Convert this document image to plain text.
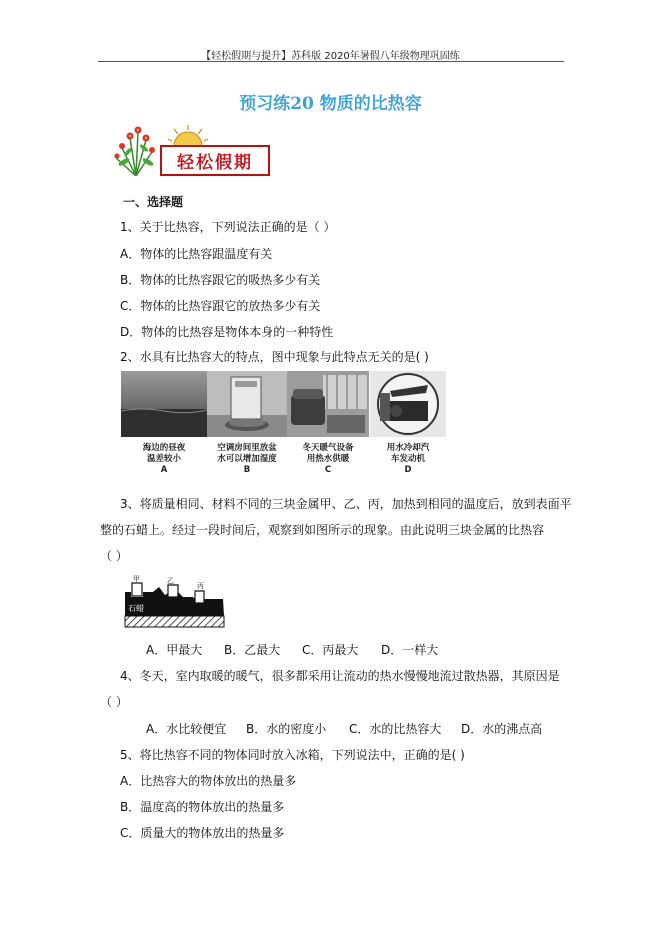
【轻松假期与提升】苏科版 2020年暑假八年级物理巩固练
预习练20 物质的比热容
轻松假期
一、选择题
1、关于比热容，下列说法正确的是（ ）
A．物体的比热容跟温度有关
B．物体的比热容跟它的吸热多少有关
C．物体的比热容跟它的放热多少有关
D．物体的比热容是物体本身的一种特性
2、水具有比热容大的特点，图中现象与此特点无关的是( )
海边的昼夜
温差较小
A
空调房间里放盆
水可以增加湿度
B
冬天暖气设备
用热水供暖
C
用水冷却汽
车发动机
D
3、将质量相同、材料不同的三块金属甲、乙、丙，加热到相同的温度后，放到表面平
整的石蜡上。经过一段时间后，观察到如图所示的现象。由此说明三块金属的比热容
（ ）
石蜡
甲	乙
丙
A．甲最大 B．乙最大 C．丙最大 D．一样大
4、冬天，室内取暖的暖气，很多都采用让流动的热水慢慢地流过散热器，其原因是
（ ）
A．水比较便宜 B．水的密度小 C．水的比热容大 D．水的沸点高
5、将比热容不同的物体同时放入冰箱，下列说法中，正确的是( )
A．比热容大的物体放出的热量多
B．温度高的物体放出的热量多
C．质量大的物体放出的热量多
